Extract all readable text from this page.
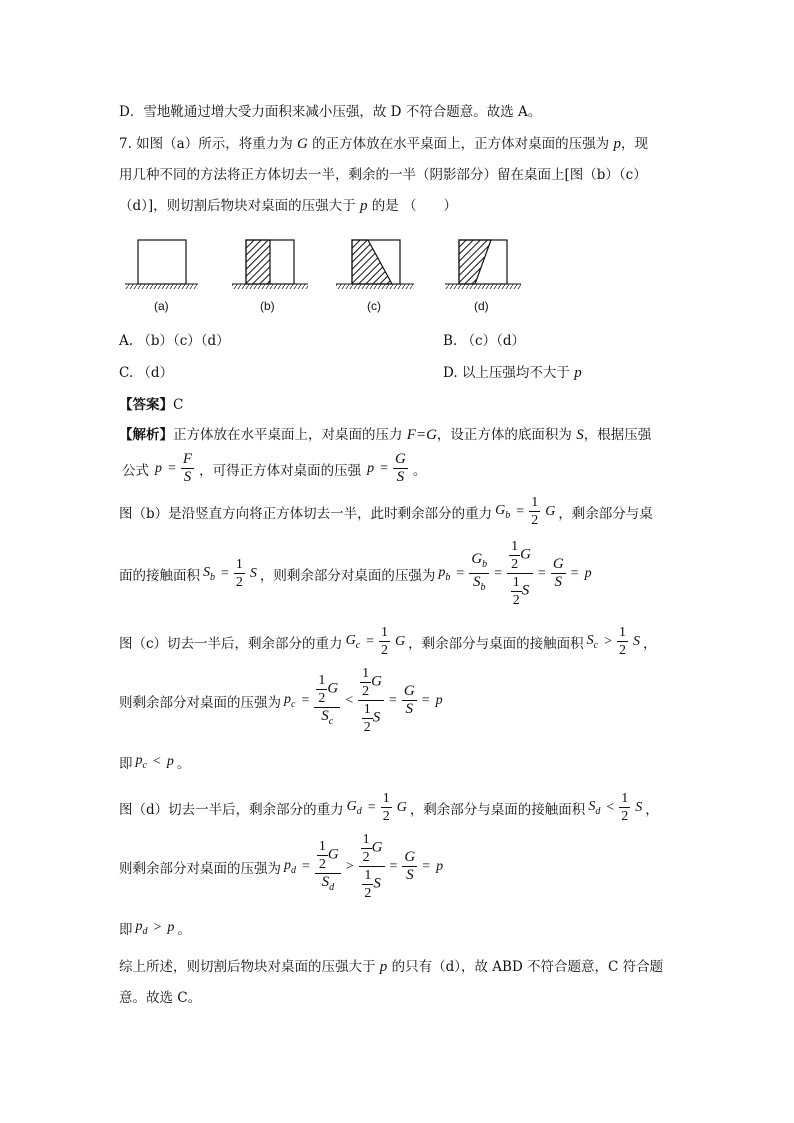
D．雪地靴通过增大受力面积来减小压强，故 D 不符合题意。故选 A。
7. 如图（a）所示，将重力为 G 的正方体放在水平桌面上，正方体对桌面的压强为 p，现
用几种不同的方法将正方体切去一半，剩余的一半（阴影部分）留在桌面上[图（b）（c）
（d）]，则切割后物块对桌面的压强大于 p 的是 （　　）
(a)	(b)	(c)	(d)
A. （b）（c）（d）	B. （c）（d）
C. （d）	D. 以上压强均不大于 p
【答案】C
【解析】正方体放在水平桌面上，对桌面的压力 F=G，设正方体的底面积为 S，根据压强
公式$p = \frac{F}{S}$ ，可得正方体对桌面的压强$p = \frac{G}{S}$ 。
图（b）是沿竖直方向将正方体切去一半，此时剩余部分的重力$G_b = \frac{1}{2}$ G ，剩余部分与桌
面的接触面积$S_b = \frac{1}{2}$ S ，则剩余部分对桌面的压强为$p_b = \frac{G_b}{S_b} = \frac{\frac{1}{2} G}{\frac{1}{2} S} = \frac{G}{S} = p$
图（c）切去一半后，剩余部分的重力$G_c = \frac{1}{2}$ G ，剩余部分与桌面的接触面积$S_c > \frac{1}{2}$ S ，
则剩余部分对桌面的压强为$p_c = \frac{\frac{1}{2} G}{S_c} < \frac{\frac{1}{2} G}{\frac{1}{2} S} = \frac{G}{S} = p$
即$p_c < p$。
图（d）切去一半后，剩余部分的重力$G_d = \frac{1}{2}$ G ，剩余部分与桌面的接触面积$S_d < \frac{1}{2}$ S ，
则剩余部分对桌面的压强为$p_d = \frac{\frac{1}{2} G}{S_d} > \frac{\frac{1}{2} G}{\frac{1}{2} S} = \frac{G}{S} = p$
即$p_d > p$。
综上所述，则切割后物块对桌面的压强大于 p 的只有（d），故 ABD 不符合题意，C 符合题
意。故选 C。
